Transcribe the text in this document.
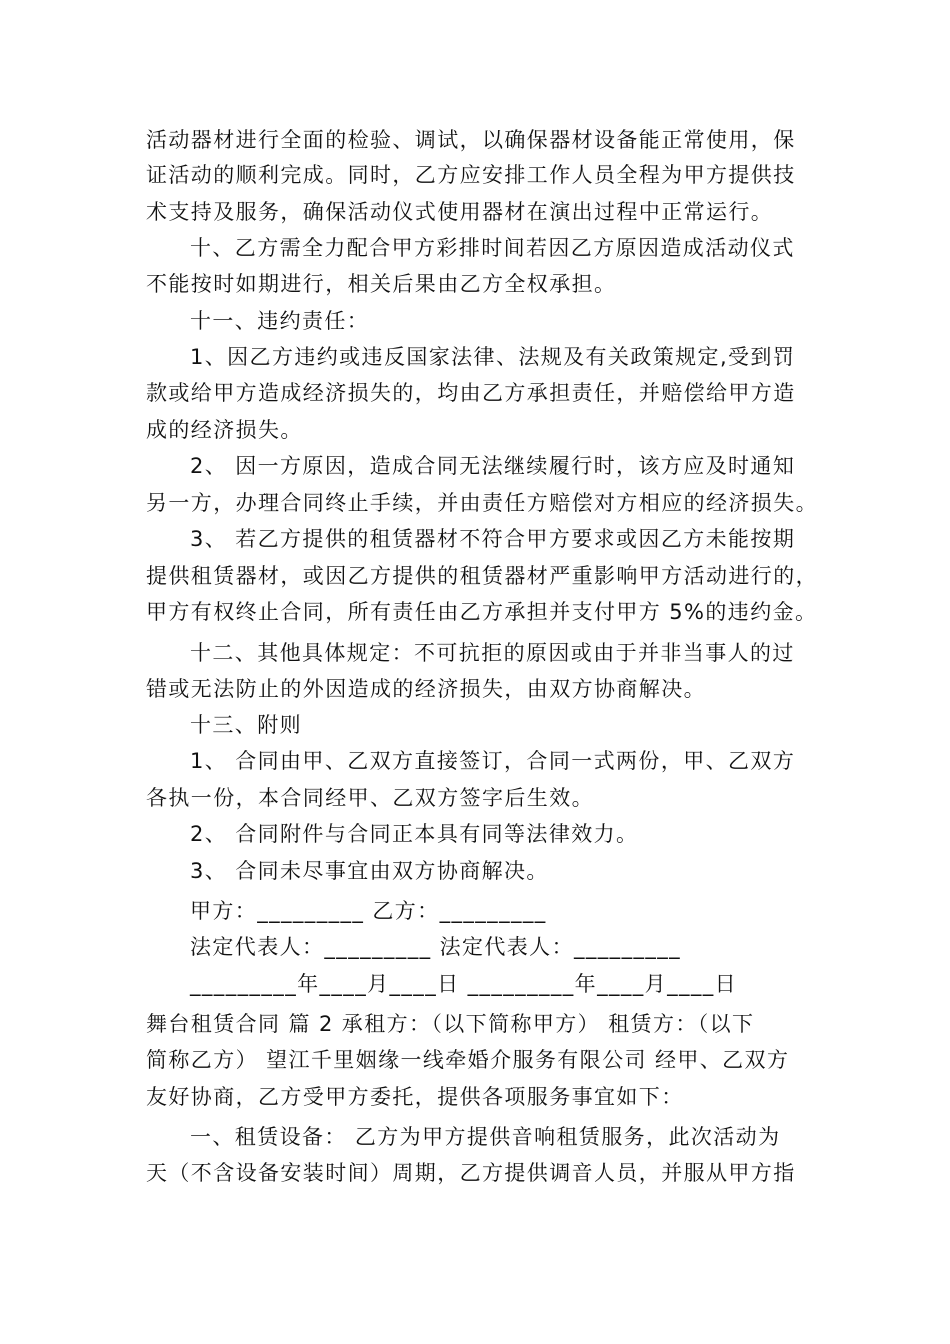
活动器材进行全面的检验、调试，以确保器材设备能正常使用，保
证活动的顺利完成。同时，乙方应安排工作人员全程为甲方提供技
术支持及服务，确保活动仪式使用器材在演出过程中正常运行。
十、乙方需全力配合甲方彩排时间若因乙方原因造成活动仪式
不能按时如期进行，相关后果由乙方全权承担。
十一、违约责任：
1、因乙方违约或违反国家法律、法规及有关政策规定,受到罚
款或给甲方造成经济损失的，均由乙方承担责任，并赔偿给甲方造
成的经济损失。
2、 因一方原因，造成合同无法继续履行时，该方应及时通知
另一方，办理合同终止手续，并由责任方赔偿对方相应的经济损失。
3、 若乙方提供的租赁器材不符合甲方要求或因乙方未能按期
提供租赁器材，或因乙方提供的租赁器材严重影响甲方活动进行的，
甲方有权终止合同，所有责任由乙方承担并支付甲方 5%的违约金。
十二、其他具体规定：不可抗拒的原因或由于并非当事人的过
错或无法防止的外因造成的经济损失，由双方协商解决。
十三、附则
1、 合同由甲、乙双方直接签订，合同一式两份，甲、乙双方
各执一份，本合同经甲、乙双方签字后生效。
2、 合同附件与合同正本具有同等法律效力。
3、 合同未尽事宜由双方协商解决。
甲方：_________ 乙方：_________
法定代表人：_________ 法定代表人：_________
_________年____月____日 _________年____月____日
舞台租赁合同 篇 2 承租方：（以下简称甲方） 租赁方：（以下
简称乙方） 望江千里姻缘一线牵婚介服务有限公司 经甲、乙双方
友好协商，乙方受甲方委托，提供各项服务事宜如下：
一、租赁设备： 乙方为甲方提供音响租赁服务，此次活动为
天（不含设备安装时间）周期，乙方提供调音人员，并服从甲方指
